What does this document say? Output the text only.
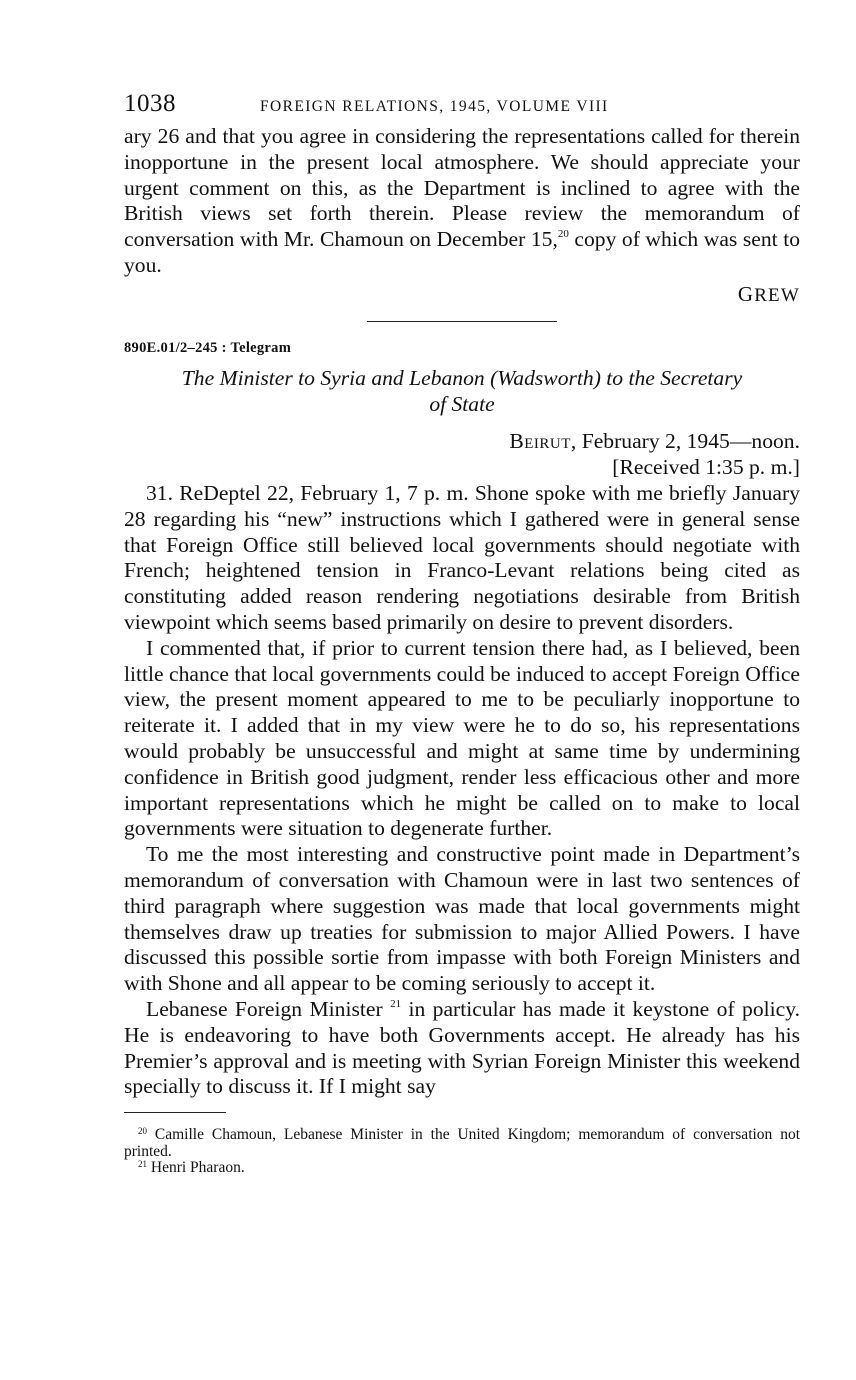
1038	FOREIGN RELATIONS, 1945, VOLUME VIII

ary 26 and that you agree in considering the representations called for therein inopportune in the present local atmosphere. We should appreciate your urgent comment on this, as the Department is inclined to agree with the British views set forth therein. Please review the memorandum of conversation with Mr. Chamoun on December 15,20 copy of which was sent to you.

GREW
890E.01/2–245 : Telegram
The Minister to Syria and Lebanon (Wadsworth) to the Secretary
of State
Beirut, February 2, 1945—noon.
[Received 1:35 p. m.]

31. ReDeptel 22, February 1, 7 p. m. Shone spoke with me briefly January 28 regarding his “new” instructions which I gathered were in general sense that Foreign Office still believed local governments should negotiate with French; heightened tension in Franco-Levant relations being cited as constituting added reason rendering negotiations desirable from British viewpoint which seems based primarily on desire to prevent disorders.

I commented that, if prior to current tension there had, as I believed, been little chance that local governments could be induced to accept Foreign Office view, the present moment appeared to me to be peculiarly inopportune to reiterate it. I added that in my view were he to do so, his representations would probably be unsuccessful and might at same time by undermining confidence in British good judgment, render less efficacious other and more important representations which he might be called on to make to local governments were situation to degenerate further.

To me the most interesting and constructive point made in Department’s memorandum of conversation with Chamoun were in last two sentences of third paragraph where suggestion was made that local governments might themselves draw up treaties for submission to major Allied Powers. I have discussed this possible sortie from impasse with both Foreign Ministers and with Shone and all appear to be coming seriously to accept it.

Lebanese Foreign Minister $^{21}$ in particular has made it keystone of policy. He is endeavoring to have both Governments accept. He already has his Premier’s approval and is meeting with Syrian Foreign Minister this weekend specially to discuss it. If I might say

$^{20}$ Camille Chamoun, Lebanese Minister in the United Kingdom; memorandum of conversation not printed.
$^{21}$ Henri Pharaon.
